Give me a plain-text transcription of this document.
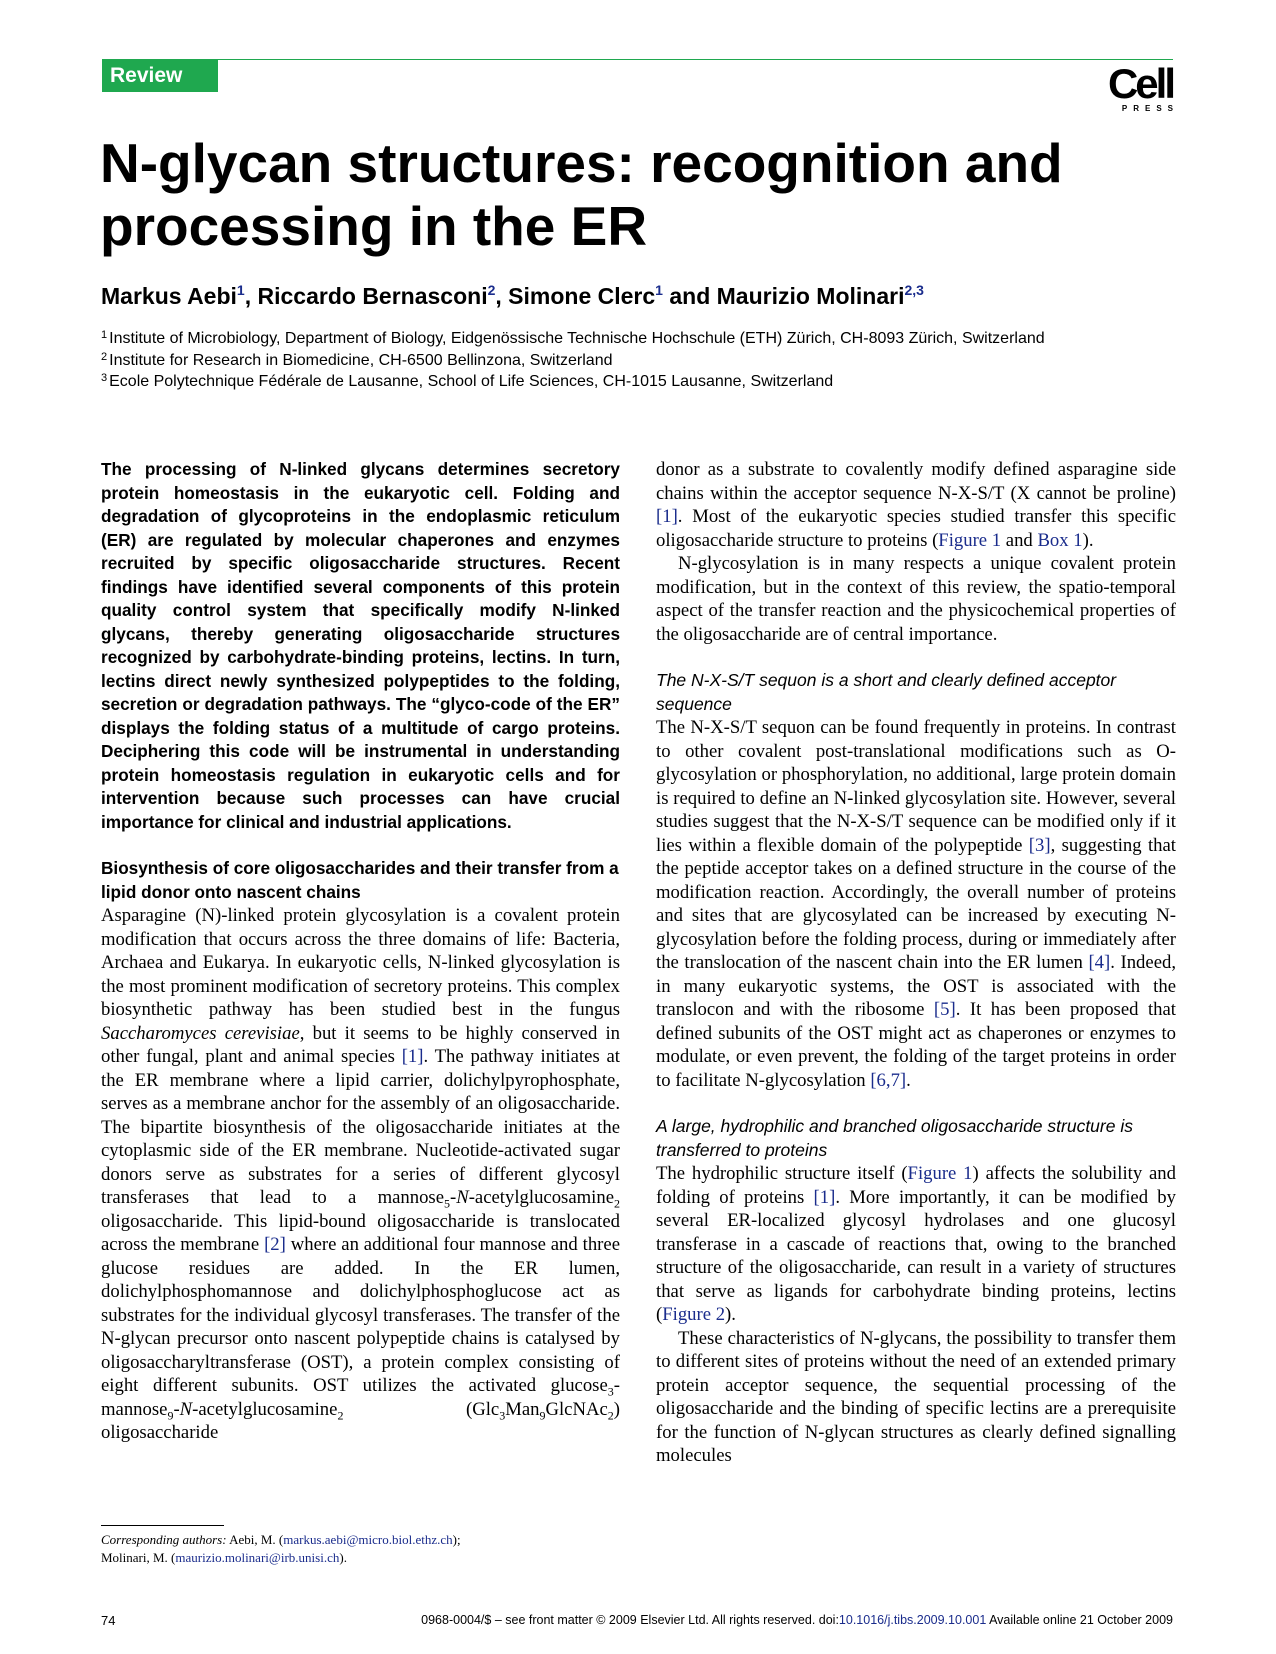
Review	Cell
PRESS
N-glycan structures: recognition and processing in the ER
Markus Aebi$^1$, Riccardo Bernasconi$^2$, Simone Clerc$^1$ and Maurizio Molinari$^{2,3}$
$^1$ Institute of Microbiology, Department of Biology, Eidgenössische Technische Hochschule (ETH) Zürich, CH-8093 Zürich, Switzerland
$^2$ Institute for Research in Biomedicine, CH-6500 Bellinzona, Switzerland
$^3$ Ecole Polytechnique Fédérale de Lausanne, School of Life Sciences, CH-1015 Lausanne, Switzerland

The processing of N-linked glycans determines secretory protein homeostasis in the eukaryotic cell. Folding and degradation of glycoproteins in the endoplasmic reticulum (ER) are regulated by molecular chaperones and enzymes recruited by specific oligosaccharide structures. Recent findings have identified several components of this protein quality control system that specifically modify N-linked glycans, thereby generating oligosaccharide structures recognized by carbohydrate-binding proteins, lectins. In turn, lectins direct newly synthesized polypeptides to the folding, secretion or degradation pathways. The “glyco-code of the ER” displays the folding status of a multitude of cargo proteins. Deciphering this code will be instrumental in understanding protein homeostasis regulation in eukaryotic cells and for intervention because such processes can have crucial importance for clinical and industrial applications.

Biosynthesis of core oligosaccharides and their transfer from a lipid donor onto nascent chains

Asparagine (N)-linked protein glycosylation is a covalent protein modification that occurs across the three domains of life: Bacteria, Archaea and Eukarya. In eukaryotic cells, N-linked glycosylation is the most prominent modification of secretory proteins. This complex biosynthetic pathway has been studied best in the fungus Saccharomyces cerevisiae, but it seems to be highly conserved in other fungal, plant and animal species [1]. The pathway initiates at the ER membrane where a lipid carrier, dolichylpyrophosphate, serves as a membrane anchor for the assembly of an oligosaccharide. The bipartite biosynthesis of the oligosaccharide initiates at the cytoplasmic side of the ER membrane. Nucleotide-activated sugar donors serve as substrates for a series of different glycosyl transferases that lead to a mannose$_5$-N-acetylglucosamine$_2$ oligosaccharide. This lipid-bound oligosaccharide is translocated across the membrane [2] where an additional four mannose and three glucose residues are added. In the ER lumen, dolichylphosphomannose and dolichylphosphoglucose act as substrates for the individual glycosyl transferases. The transfer of the N-glycan precursor onto nascent polypeptide chains is catalysed by oligosaccharyltransferase (OST), a protein complex consisting of eight different subunits. OST utilizes the activated glucose$_3$-mannose$_9$-N-acetylglucosamine$_2$ (Glc$_3$Man$_9$GlcNAc$_2$) oligosaccharide

donor as a substrate to covalently modify defined asparagine side chains within the acceptor sequence N-X-S/T (X cannot be proline) [1]. Most of the eukaryotic species studied transfer this specific oligosaccharide structure to proteins (Figure 1 and Box 1).

N-glycosylation is in many respects a unique covalent protein modification, but in the context of this review, the spatio-temporal aspect of the transfer reaction and the physicochemical properties of the oligosaccharide are of central importance.

The N-X-S/T sequon is a short and clearly defined acceptor sequence

The N-X-S/T sequon can be found frequently in proteins. In contrast to other covalent post-translational modifications such as O-glycosylation or phosphorylation, no additional, large protein domain is required to define an N-linked glycosylation site. However, several studies suggest that the N-X-S/T sequence can be modified only if it lies within a flexible domain of the polypeptide [3], suggesting that the peptide acceptor takes on a defined structure in the course of the modification reaction. Accordingly, the overall number of proteins and sites that are glycosylated can be increased by executing N-glycosylation before the folding process, during or immediately after the translocation of the nascent chain into the ER lumen [4]. Indeed, in many eukaryotic systems, the OST is associated with the translocon and with the ribosome [5]. It has been proposed that defined subunits of the OST might act as chaperones or enzymes to modulate, or even prevent, the folding of the target proteins in order to facilitate N-glycosylation [6,7].

A large, hydrophilic and branched oligosaccharide structure is transferred to proteins

The hydrophilic structure itself (Figure 1) affects the solubility and folding of proteins [1]. More importantly, it can be modified by several ER-localized glycosyl hydrolases and one glucosyl transferase in a cascade of reactions that, owing to the branched structure of the oligosaccharide, can result in a variety of structures that serve as ligands for carbohydrate binding proteins, lectins (Figure 2).

These characteristics of N-glycans, the possibility to transfer them to different sites of proteins without the need of an extended primary protein acceptor sequence, the sequential processing of the oligosaccharide and the binding of specific lectins are a prerequisite for the function of N-glycan structures as clearly defined signalling molecules

Corresponding authors: Aebi, M. (markus.aebi@micro.biol.ethz.ch);
Molinari, M. (maurizio.molinari@irb.unisi.ch).
74	0968-0004/$ – see front matter © 2009 Elsevier Ltd. All rights reserved. doi:10.1016/j.tibs.2009.10.001 Available online 21 October 2009
